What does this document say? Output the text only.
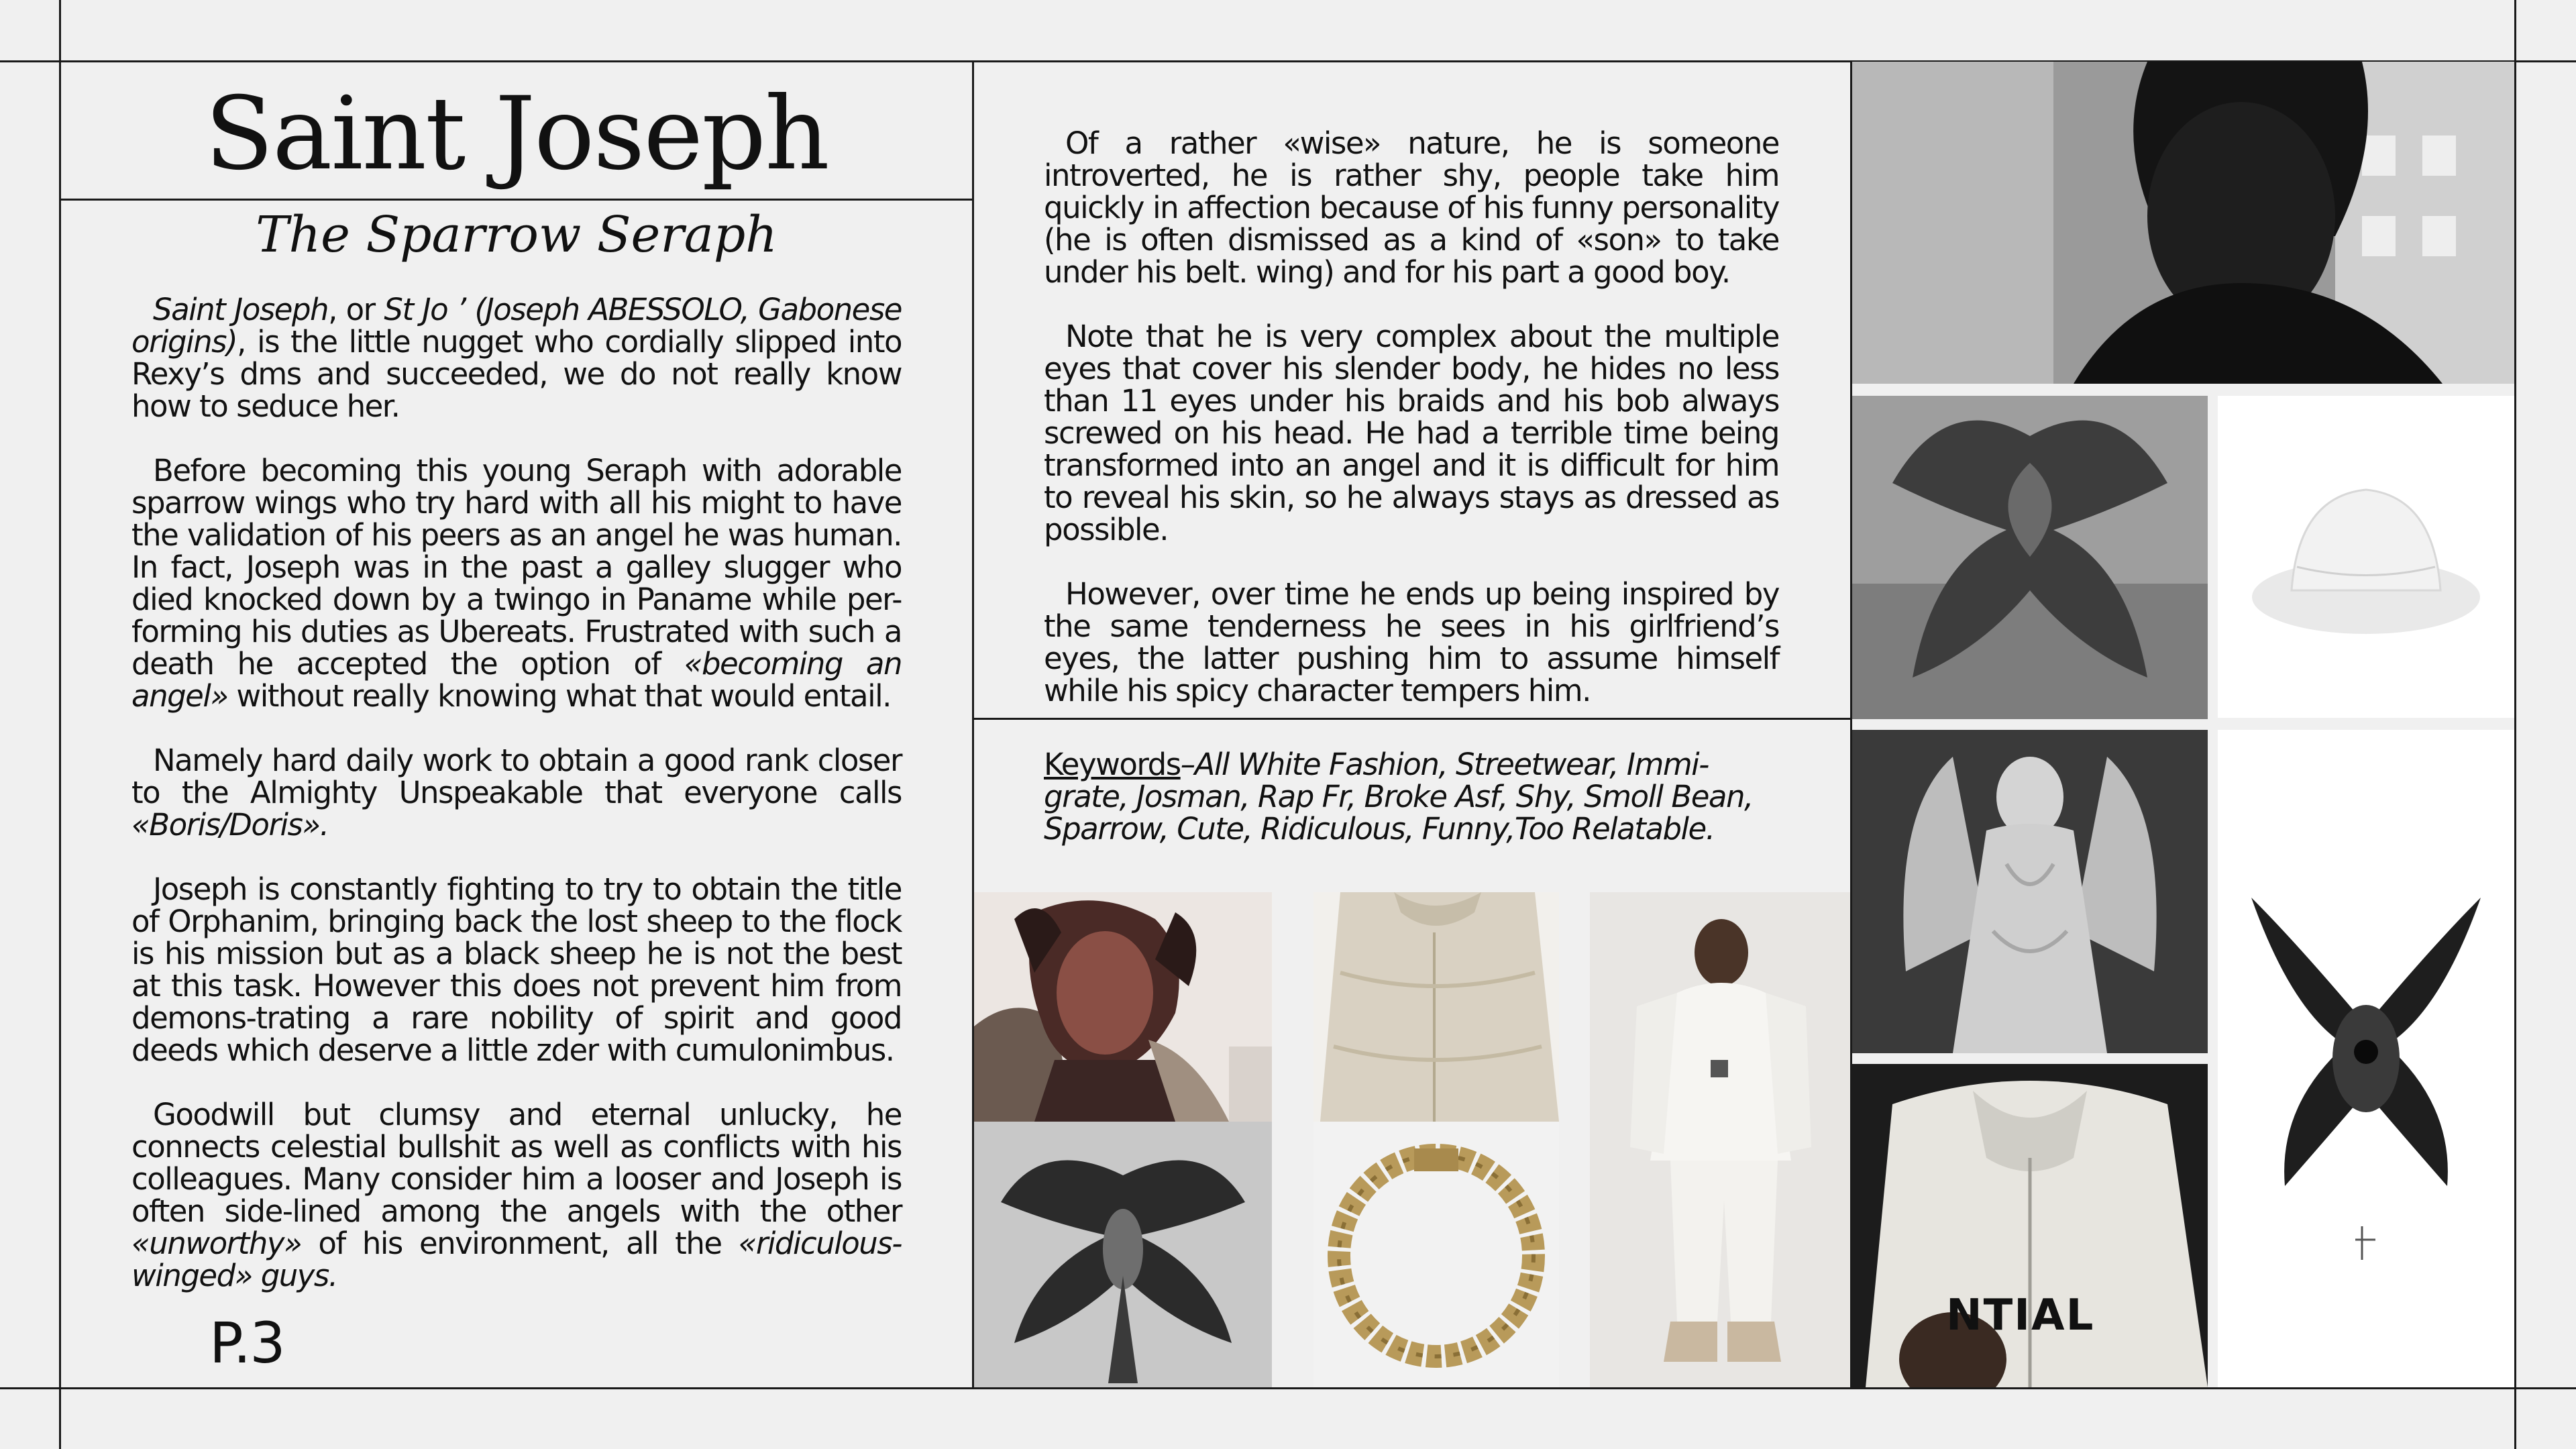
Saint Joseph
The Sparrow Seraph

Saint Joseph, or St Jo ’ (Joseph ABESSOLO, Gabonese origins), is the little nugget who cordially slipped into Rexy’s dms and succeeded, we do not really know how to seduce her.

Before becoming this young Seraph with adorable sparrow wings who try hard with all his might to have the validation of his peers as an angel he was human. In fact, Joseph was in the past a galley slugger who died knocked down by a twingo in Paname while per-forming his duties as Ubereats. Frustrated with such a death he accepted the option of «becoming an angel» without really knowing what that would entail.

Namely hard daily work to obtain a good rank closer to the Almighty Unspeakable that everyone calls «Boris/Doris».

Joseph is constantly fighting to try to obtain the title of Orphanim, bringing back the lost sheep to the flock is his mission but as a black sheep he is not the best at this task. However this does not prevent him from demons-trating a rare nobility of spirit and good deeds which deserve a little zder with cumulonimbus.

Goodwill but clumsy and eternal unlucky, he connects celestial bullshit as well as conflicts with his colleagues. Many consider him a looser and Joseph is often side-lined among the angels with the other «unworthy» of his environment, all the «ridiculous-winged» guys.

P.3

Of a rather «wise» nature, he is someone introverted, he is rather shy, people take him quickly in affection because of his funny personality (he is often dismissed as a kind of «son» to take under his belt. wing) and for his part a good boy.

Note that he is very complex about the multiple eyes that cover his slender body, he hides no less than 11 eyes under his braids and his bob always screwed on his head. He had a terrible time being transformed into an angel and it is difficult for him to reveal his skin, so he always stays as dressed as possible.

However, over time he ends up being inspired by the same tenderness he sees in his girlfriend’s eyes, the latter pushing him to assume himself while his spicy character tempers him.

Keywords–All White Fashion, Streetwear, Immi-grate, Josman, Rap Fr, Broke Asf, Shy, Smoll Bean, Sparrow, Cute, Ridiculous, Funny,Too Relatable.
NTIAL
